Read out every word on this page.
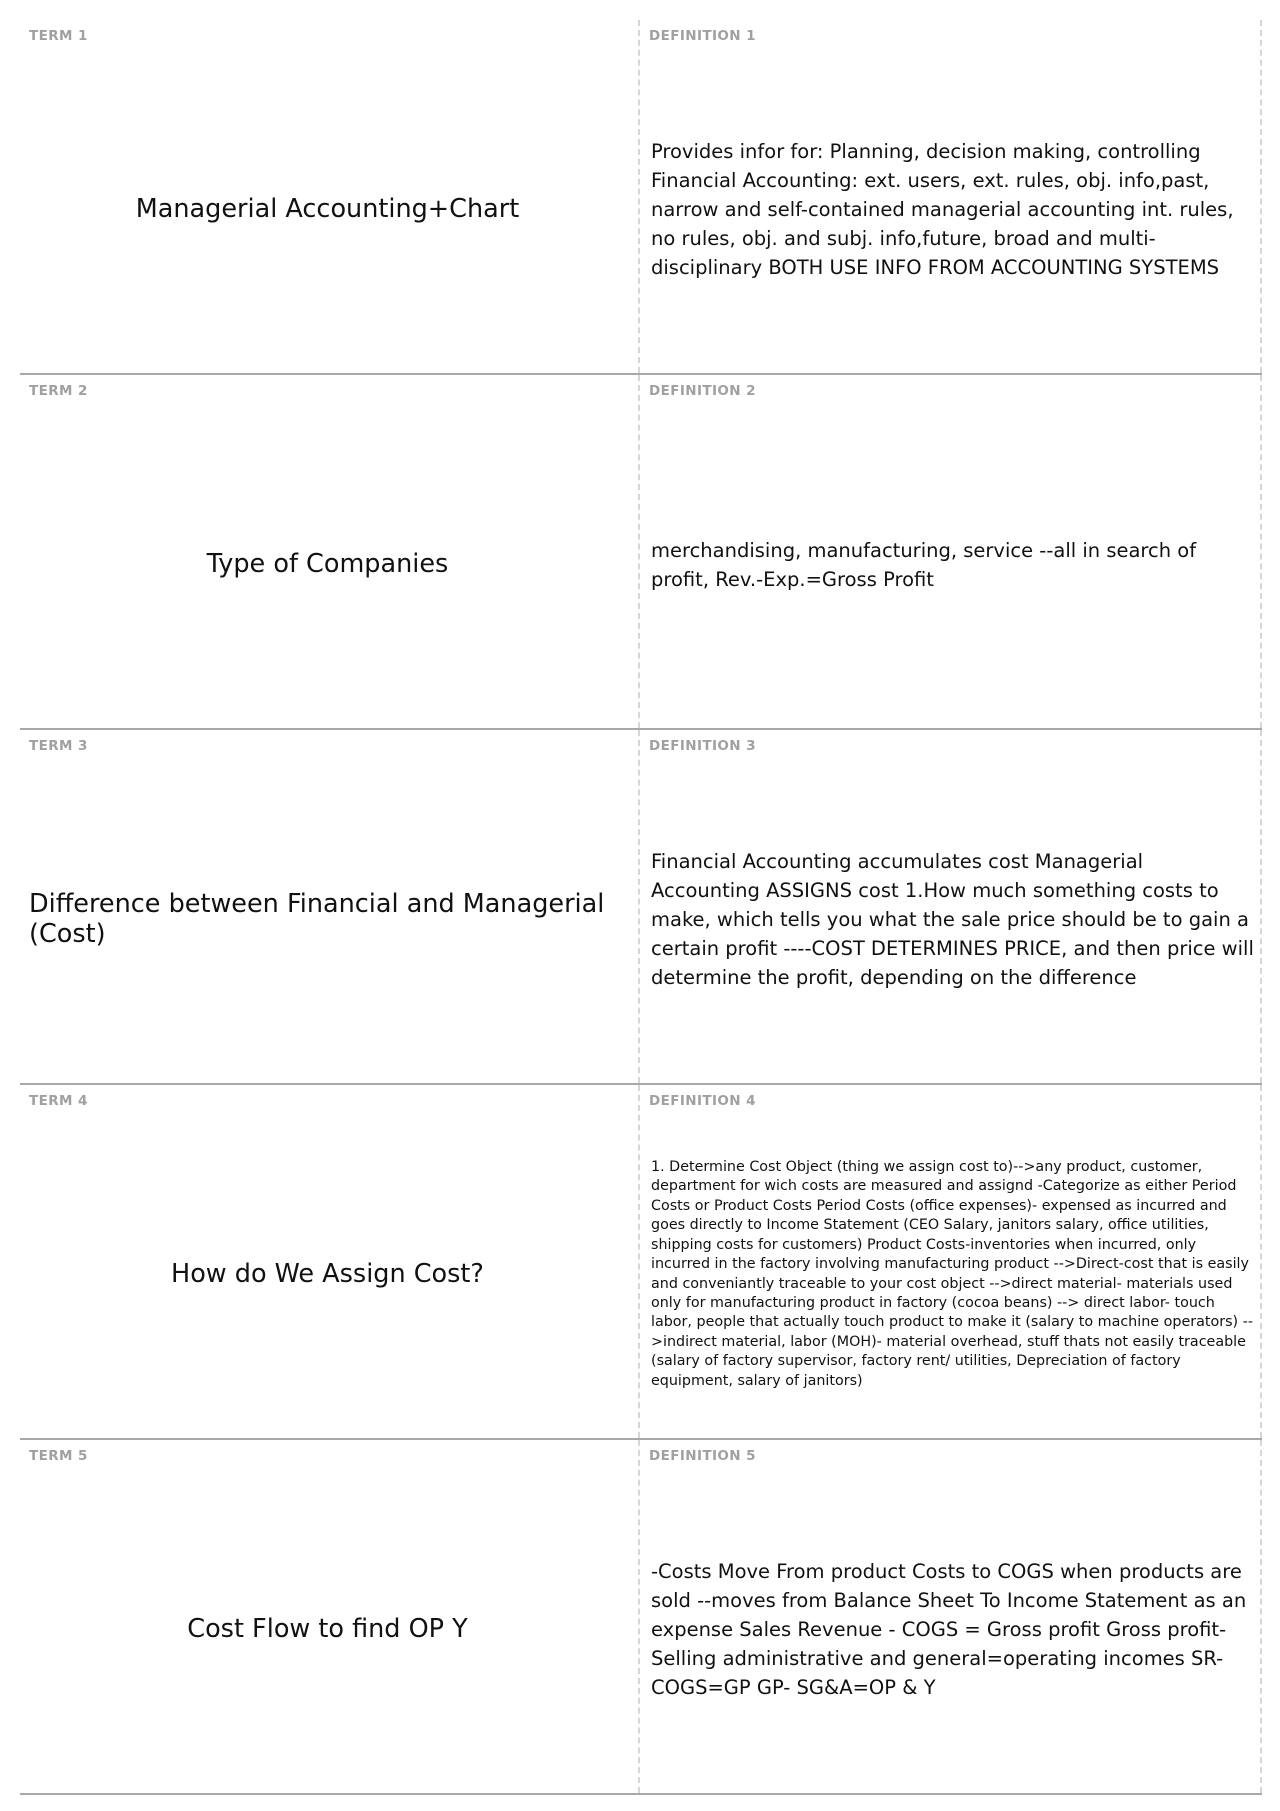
TERM 1
Managerial Accounting+Chart
DEFINITION 1
Provides infor for: Planning, decision making, controlling Financial Accounting: ext. users, ext. rules, obj. info,past, narrow and self-contained managerial accounting int. rules, no rules, obj. and subj. info,future, broad and multi-disciplinary BOTH USE INFO FROM ACCOUNTING SYSTEMS
TERM 2
Type of Companies
DEFINITION 2
merchandising, manufacturing, service --all in search of profit, Rev.-Exp.=Gross Profit
TERM 3
Difference between Financial and Managerial (Cost)
DEFINITION 3
Financial Accounting accumulates cost Managerial Accounting ASSIGNS cost 1.How much something costs to make, which tells you what the sale price should be to gain a certain profit ----COST DETERMINES PRICE, and then price will determine the profit, depending on the difference
TERM 4
How do We Assign Cost?
DEFINITION 4
1. Determine Cost Object (thing we assign cost to)-->any product, customer, department for wich costs are measured and assignd -Categorize as either Period Costs or Product Costs Period Costs (office expenses)- expensed as incurred and goes directly to Income Statement (CEO Salary, janitors salary, office utilities, shipping costs for customers) Product Costs-inventories when incurred, only incurred in the factory involving manufacturing product -->Direct-cost that is easily and conveniantly traceable to your cost object -->direct material- materials used only for manufacturing product in factory (cocoa beans) --> direct labor- touch labor, people that actually touch product to make it (salary to machine operators) -->indirect material, labor (MOH)- material overhead, stuff thats not easily traceable (salary of factory supervisor, factory rent/ utilities, Depreciation of factory equipment, salary of janitors)
TERM 5
Cost Flow to find OP Y
DEFINITION 5
-Costs Move From product Costs to COGS when products are sold --moves from Balance Sheet To Income Statement as an expense Sales Revenue - COGS = Gross profit Gross profit- Selling administrative and general=operating incomes SR-COGS=GP GP- SG&A=OP & Y
